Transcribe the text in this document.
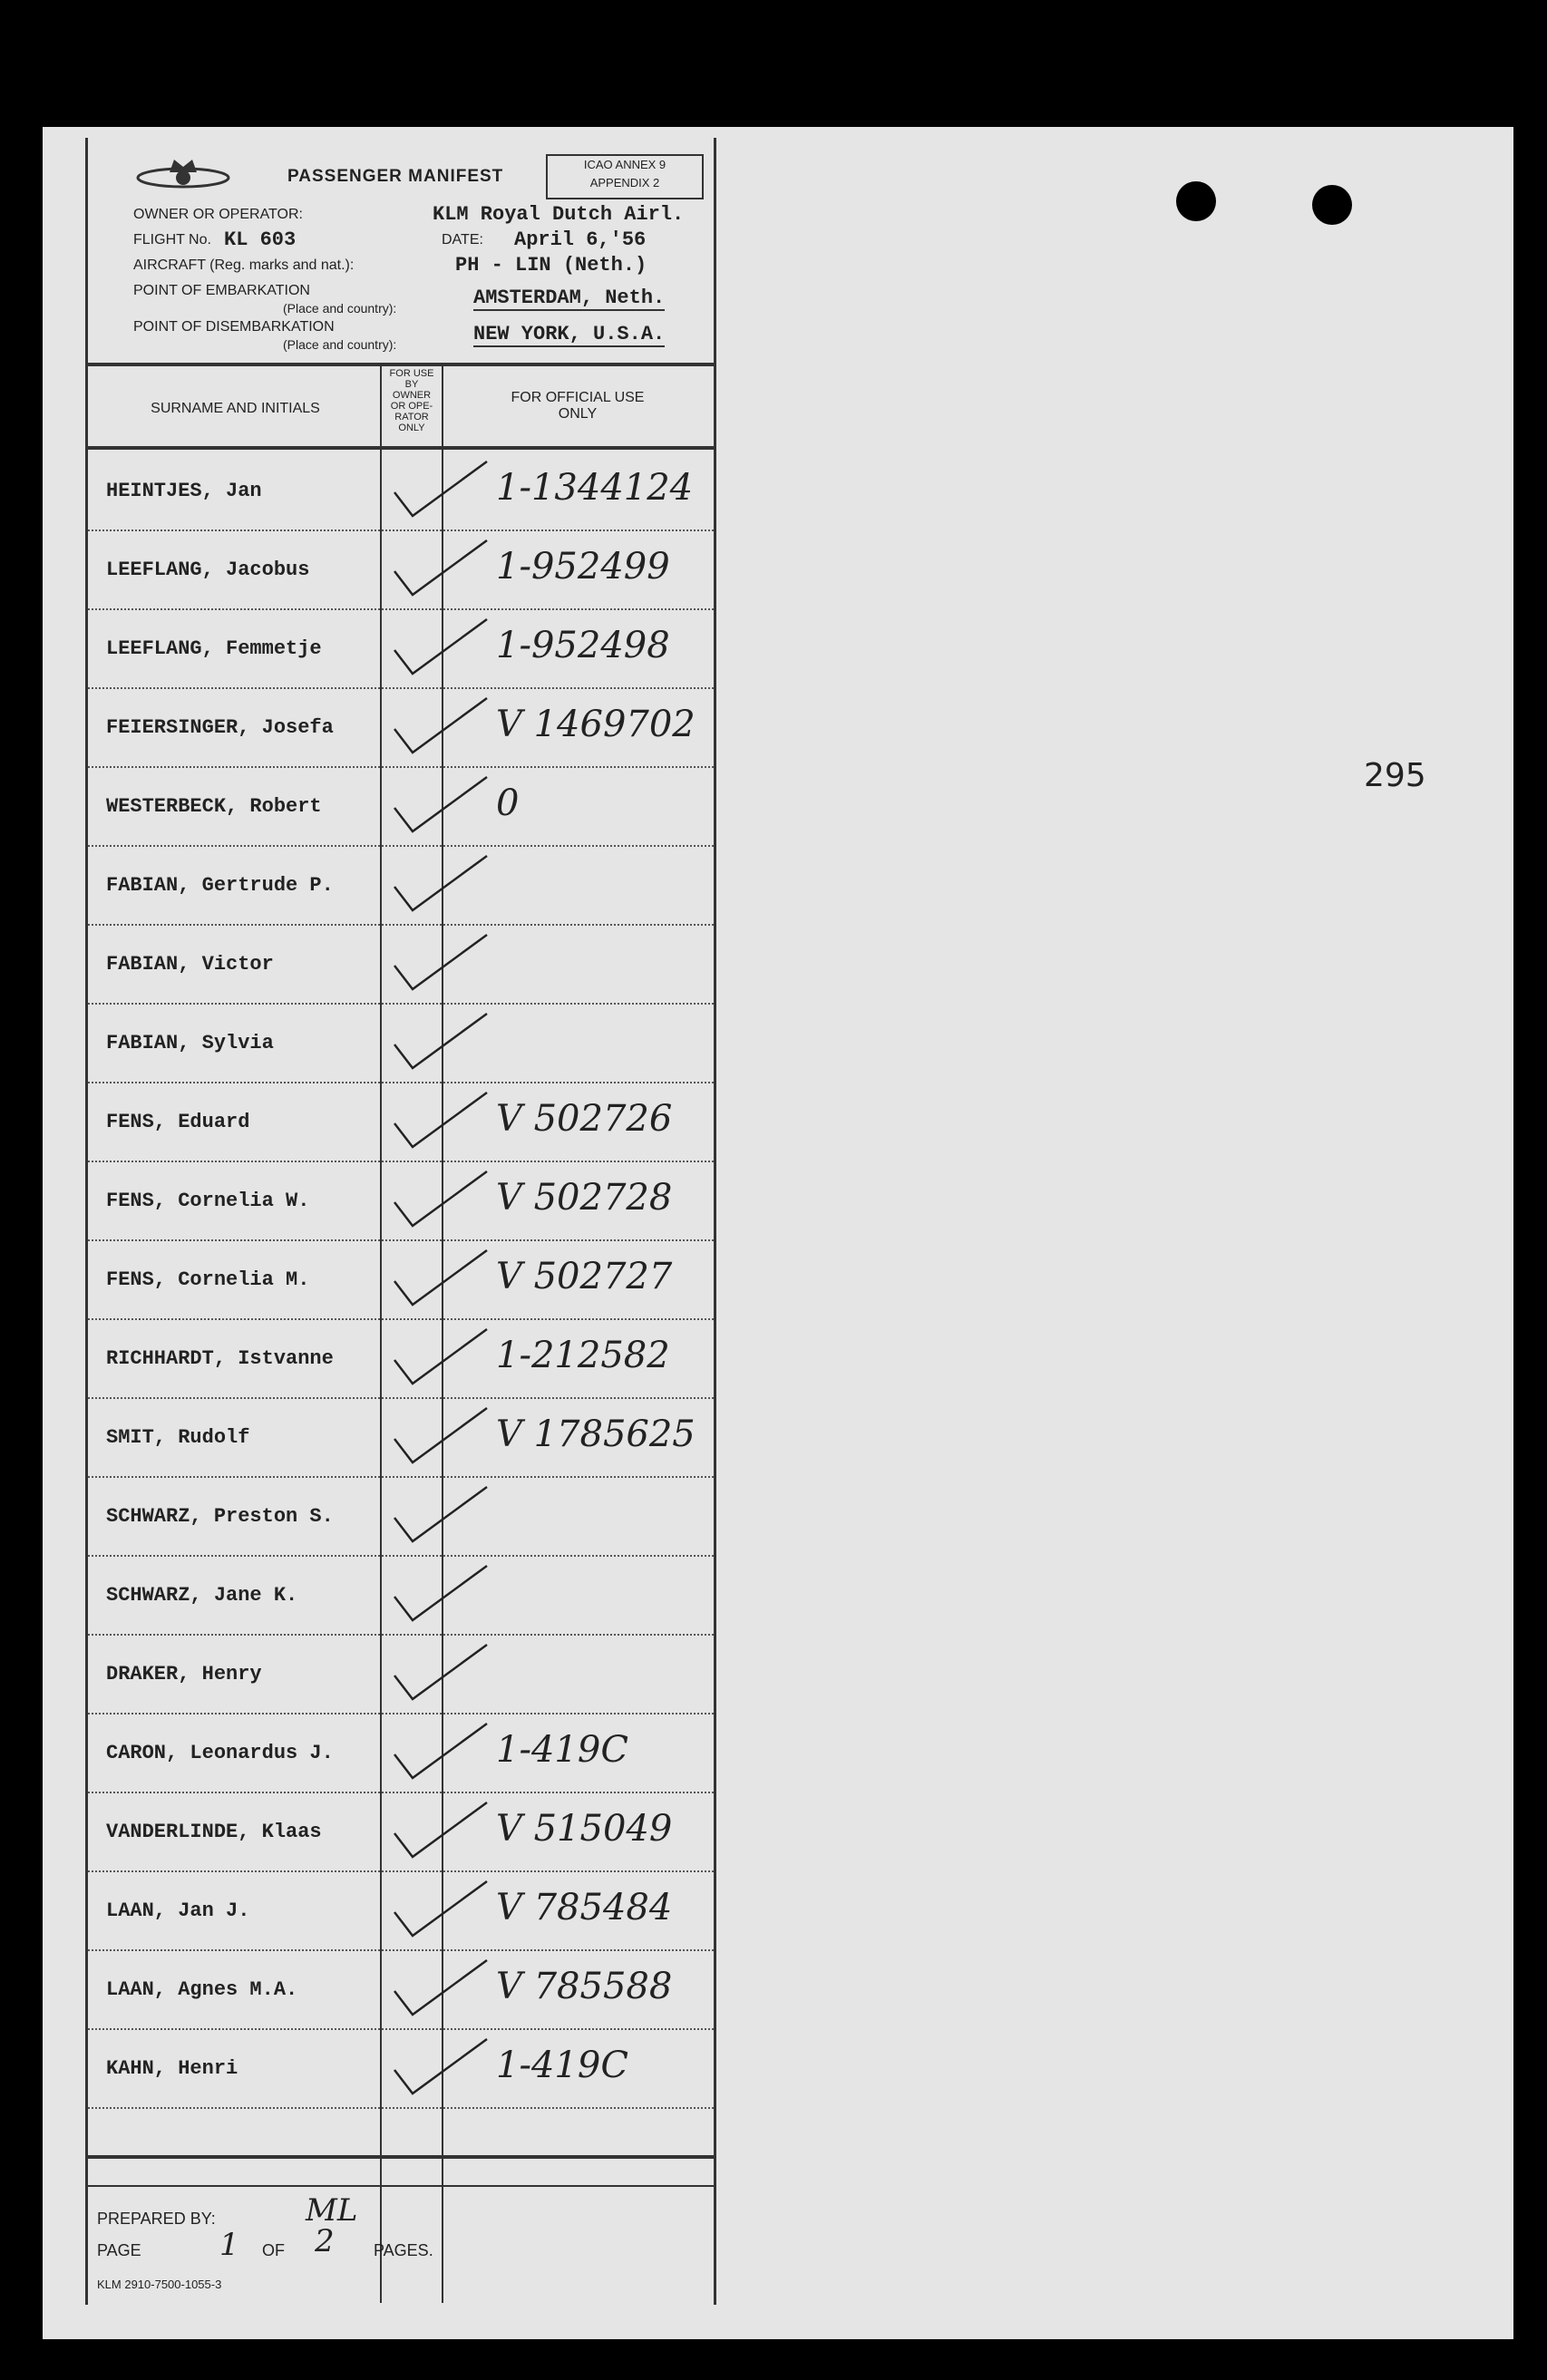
295
PASSENGER MANIFEST
ICAO ANNEX 9
APPENDIX 2
OWNER OR OPERATOR:	KLM Royal Dutch Airl.
FLIGHT No. KL 603	DATE: April 6,'56
AIRCRAFT (Reg. marks and nat.):	PH - LIN (Neth.)
POINT OF EMBARKATION
(Place and country):	AMSTERDAM, Neth.
POINT OF DISEMBARKATION
(Place and country):	NEW YORK, U.S.A.
SURNAME AND INITIALS
FOR USE
BY
OWNER
OR OPE-
RATOR
ONLY
FOR OFFICIAL USE
ONLY
HEINTJES, Jan	1-1344124
LEEFLANG, Jacobus	1-952499
LEEFLANG, Femmetje	1-952498
FEIERSINGER, Josefa	V 1469702
WESTERBECK, Robert	0
FABIAN, Gertrude P.
FABIAN, Victor
FABIAN, Sylvia
FENS, Eduard	V 502726
FENS, Cornelia W.	V 502728
FENS, Cornelia M.	V 502727
RICHHARDT, Istvanne	1-212582
SMIT, Rudolf	V 1785625
SCHWARZ, Preston S.
SCHWARZ, Jane K.
DRAKER, Henry
CARON, Leonardus J.	1-419C
VANDERLINDE, Klaas	V 515049
LAAN, Jan J.	V 785484
LAAN, Agnes M.A.	V 785588
KAHN, Henri	1-419C
PREPARED BY:	ML
PAGE	1 OF 2 PAGES.
KLM 2910-7500-1055-3
